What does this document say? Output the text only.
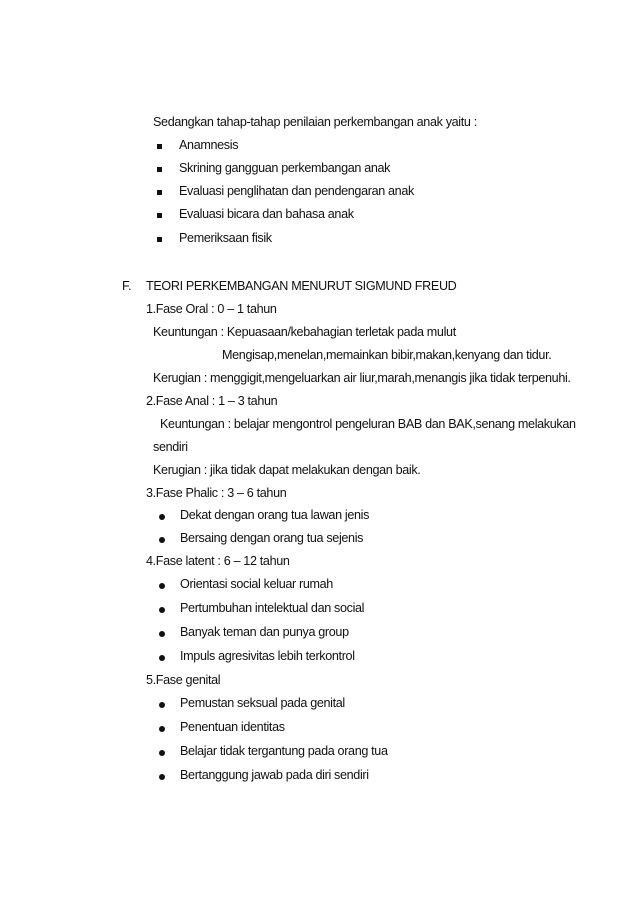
Sedangkan tahap-tahap penilaian perkembangan anak yaitu :
Anamnesis
Skrining gangguan perkembangan anak
Evaluasi penglihatan dan pendengaran anak
Evaluasi bicara dan bahasa anak
Pemeriksaan fisik
F. TEORI PERKEMBANGAN MENURUT SIGMUND FREUD
1.Fase Oral : 0 – 1 tahun
Keuntungan : Kepuasaan/kebahagian terletak pada mulut
Mengisap,menelan,memainkan bibir,makan,kenyang dan tidur.
Kerugian : menggigit,mengeluarkan air liur,marah,menangis jika tidak terpenuhi.
2.Fase Anal : 1 – 3 tahun
Keuntungan : belajar mengontrol pengeluran BAB dan BAK,senang melakukan
sendiri
Kerugian : jika tidak dapat melakukan dengan baik.
3.Fase Phalic : 3 – 6 tahun
Dekat dengan orang tua lawan jenis
Bersaing dengan orang tua sejenis
4.Fase latent : 6 – 12 tahun
Orientasi social keluar rumah
Pertumbuhan intelektual dan social
Banyak teman dan punya group
Impuls agresivitas lebih terkontrol
5.Fase genital
Pemustan seksual pada genital
Penentuan identitas
Belajar tidak tergantung pada orang tua
Bertanggung jawab pada diri sendiri
